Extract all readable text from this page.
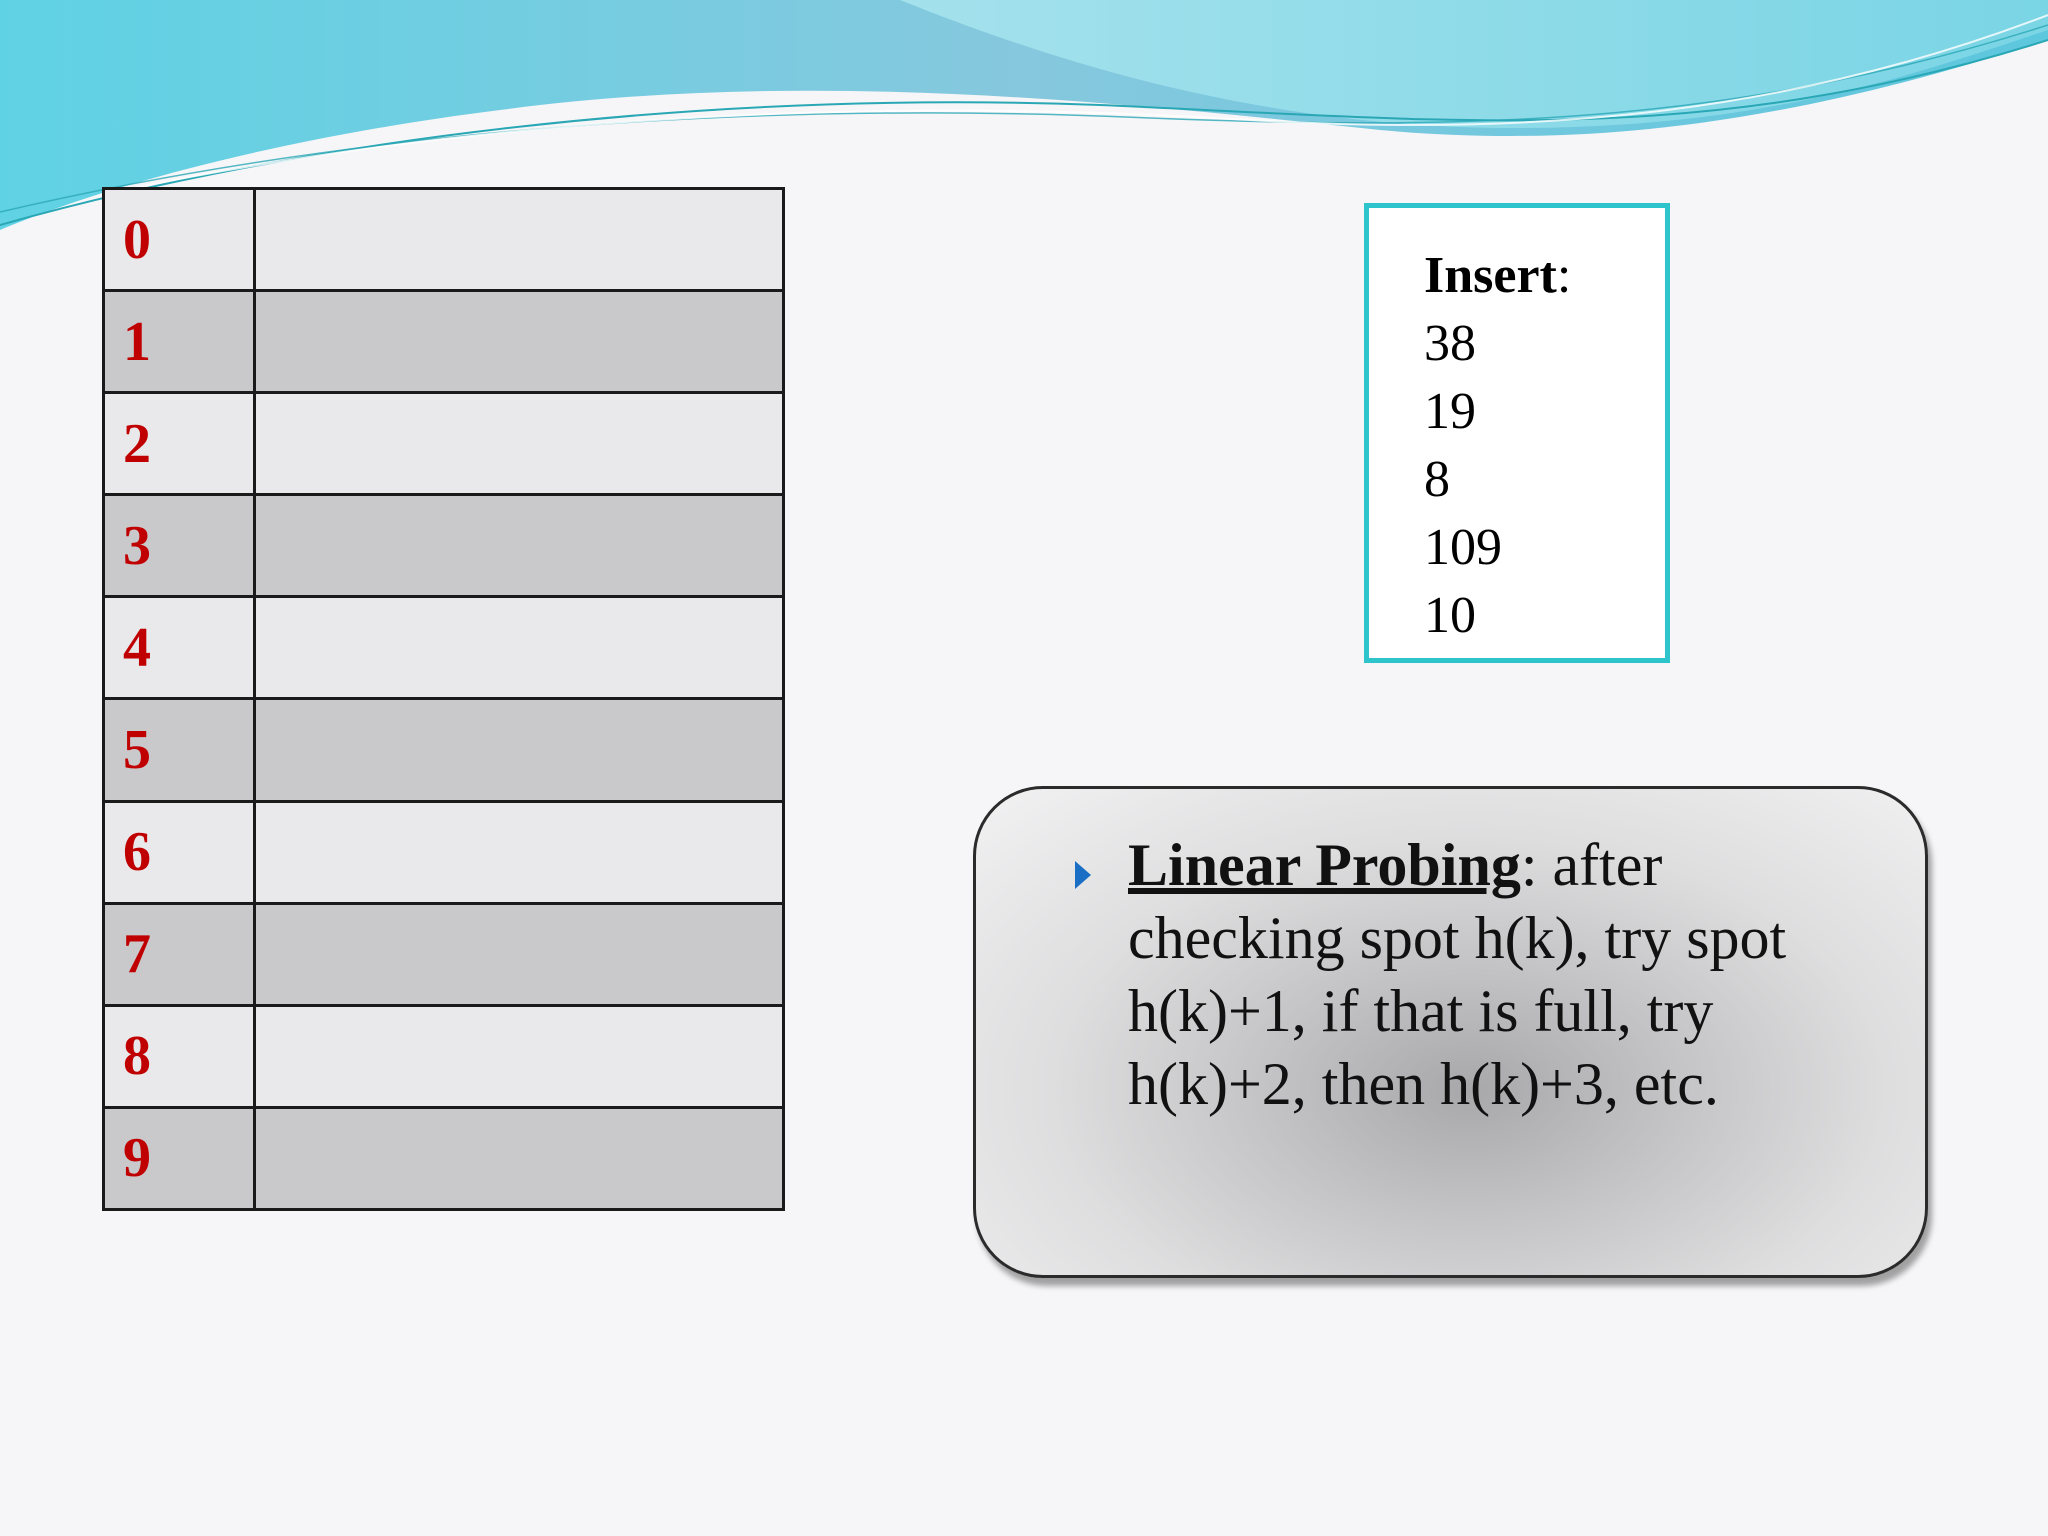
0	
1	
2	
3	
4	
5	
6	
7	
8	
9	
Insert:
38
19
8
109
10
Linear Probing: after checking spot h(k), try spot h(k)+1, if that is full, try h(k)+2, then h(k)+3, etc.
